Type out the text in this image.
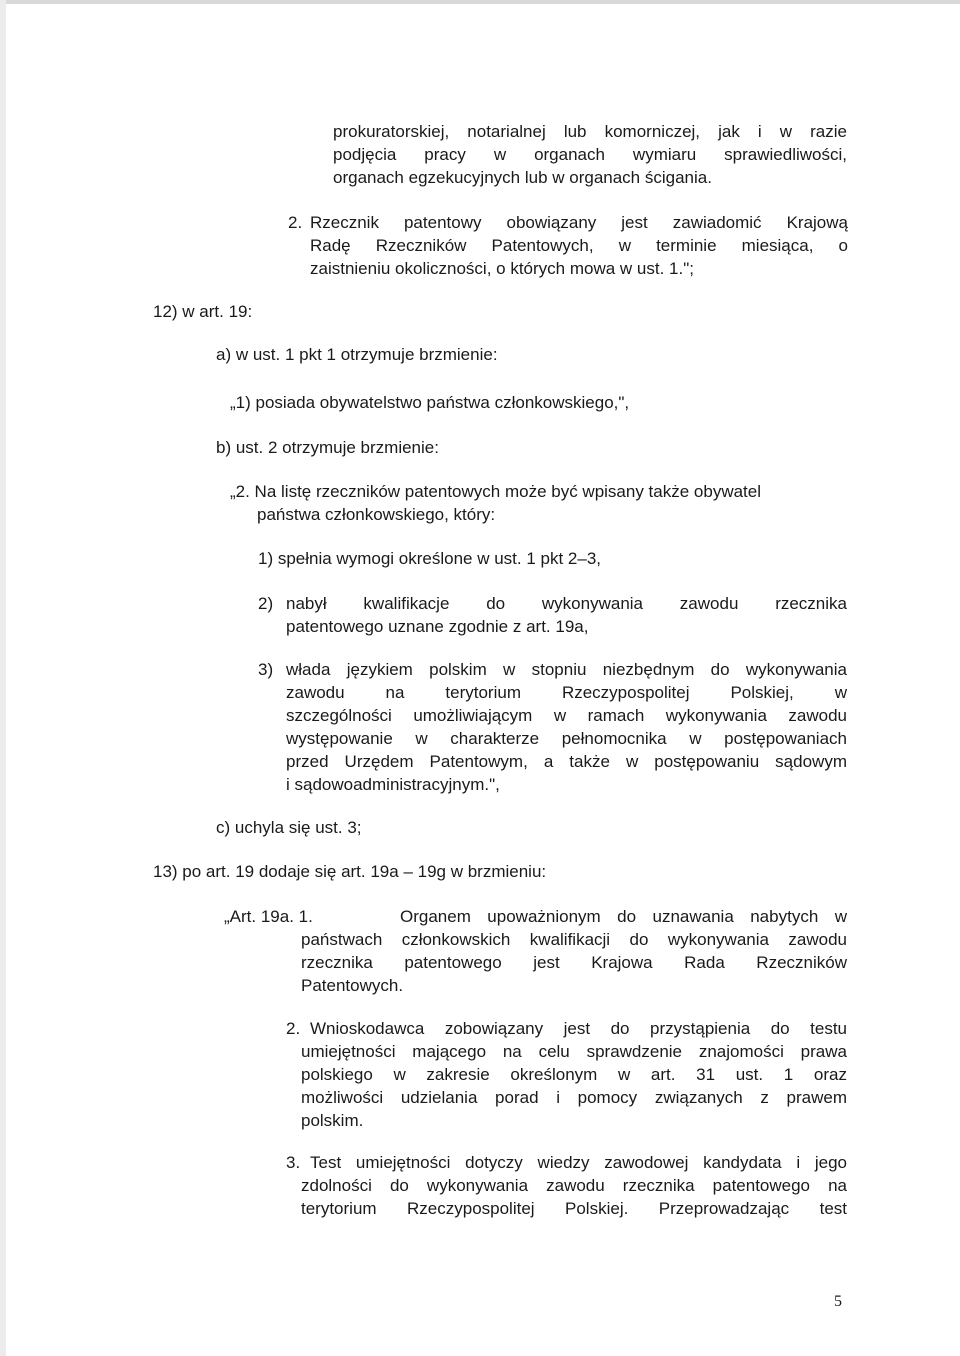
prokuratorskiej, notarialnej lub komorniczej, jak i w razie
podjęcia pracy w organach wymiaru sprawiedliwości,
organach egzekucyjnych lub w organach ścigania.
2. Rzecznik patentowy obowiązany jest zawiadomić Krajową
Radę Rzeczników Patentowych, w terminie miesiąca, o
zaistnieniu okoliczności, o których mowa w ust. 1.";
12) w art. 19:
a) w ust. 1 pkt 1 otrzymuje brzmienie:
„1) posiada obywatelstwo państwa członkowskiego,",
b) ust. 2 otrzymuje brzmienie:
„2. Na listę rzeczników patentowych może być wpisany także obywatel
państwa członkowskiego, który:
1) spełnia wymogi określone w ust. 1 pkt 2–3,
2) nabył kwalifikacje do wykonywania zawodu rzecznika
patentowego uznane zgodnie z art. 19a,
3) włada językiem polskim w stopniu niezbędnym do wykonywania
zawodu na terytorium Rzeczypospolitej Polskiej, w
szczególności umożliwiającym w ramach wykonywania zawodu
występowanie w charakterze pełnomocnika w postępowaniach
przed Urzędem Patentowym, a także w postępowaniu sądowym
i sądowoadministracyjnym.",
c) uchyla się ust. 3;
13) po art. 19 dodaje się art. 19a – 19g w brzmieniu:
„Art. 19a. 1.	Organem upoważnionym do uznawania nabytych w
państwach członkowskich kwalifikacji do wykonywania zawodu
rzecznika patentowego jest Krajowa Rada Rzeczników
Patentowych.
2. Wnioskodawca zobowiązany jest do przystąpienia do testu
umiejętności mającego na celu sprawdzenie znajomości prawa
polskiego w zakresie określonym w art. 31 ust. 1 oraz
możliwości udzielania porad i pomocy związanych z prawem
polskim.
3. Test umiejętności dotyczy wiedzy zawodowej kandydata i jego
zdolności do wykonywania zawodu rzecznika patentowego na
terytorium Rzeczypospolitej Polskiej. Przeprowadzając test
5
